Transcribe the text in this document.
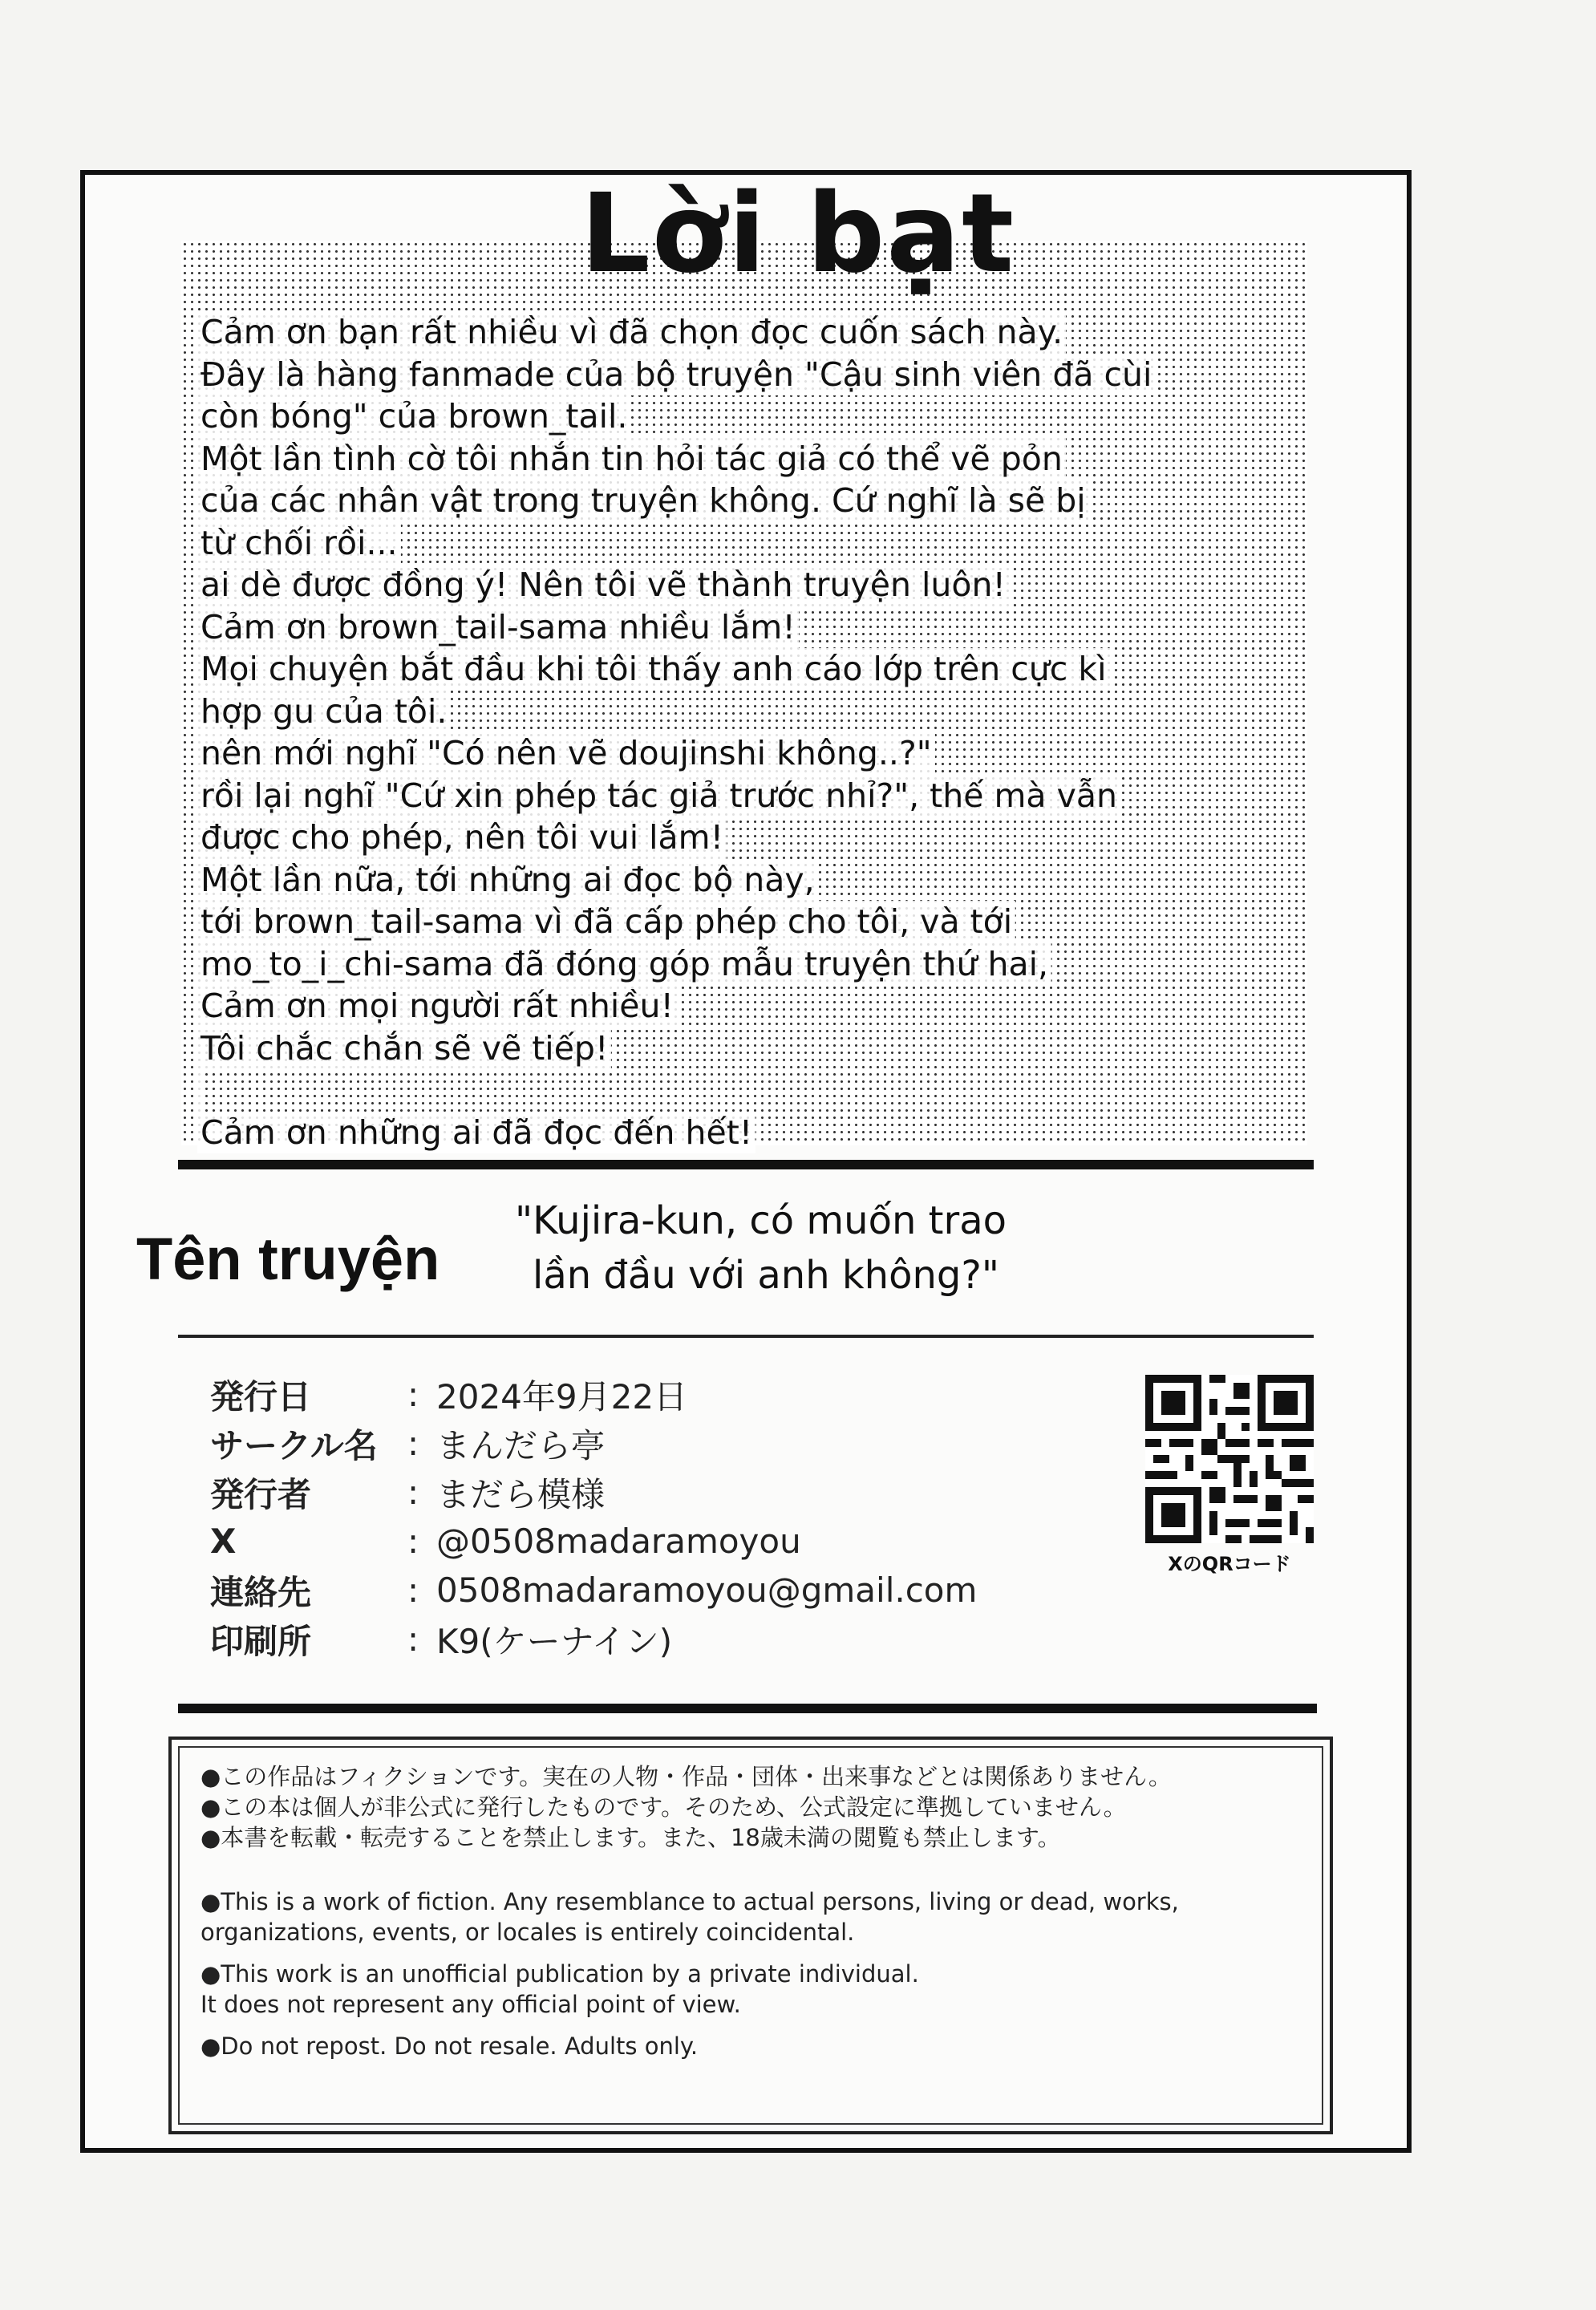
Lời bạt
Cảm ơn bạn rất nhiều vì đã chọn đọc cuốn sách này.
Đây là hàng fanmade của bộ truyện "Cậu sinh viên đã cùi
còn bóng" của brown_tail.
Một lần tình cờ tôi nhắn tin hỏi tác giả có thể vẽ pỏn
của các nhân vật trong truyện không. Cứ nghĩ là sẽ bị
từ chối rồi...
ai dè được đồng ý! Nên tôi vẽ thành truyện luôn!
Cảm ơn brown_tail-sama nhiều lắm!
Mọi chuyện bắt đầu khi tôi thấy anh cáo lớp trên cực kì
hợp gu của tôi.
nên mới nghĩ "Có nên vẽ doujinshi không..?"
rồi lại nghĩ "Cứ xin phép tác giả trước nhỉ?", thế mà vẫn
được cho phép, nên tôi vui lắm!
Một lần nữa, tới những ai đọc bộ này,
tới brown_tail-sama vì đã cấp phép cho tôi, và tới
mo_to_i_chi-sama đã đóng góp mẫu truyện thứ hai,
Cảm ơn mọi người rất nhiều!
Tôi chắc chắn sẽ vẽ tiếp!
Cảm ơn những ai đã đọc đến hết!
Tên truyện
"Kujira-kun, có muốn trao
lần đầu với anh không?"
発行日	: 2024年9月22日
サークル名 : まんだら亭
発行者	: まだら模様
X	: @0508madaramoyou
連絡先	: 0508madaramoyou@gmail.com
印刷所	: K9(ケーナイン)
XのQRコード
●この作品はフィクションです。実在の人物・作品・団体・出来事などとは関係ありません。
●この本は個人が非公式に発行したものです。そのため、公式設定に準拠していません。
●本書を転載・転売することを禁止します。また、18歳未満の閲覧も禁止します。
●This is a work of fiction. Any resemblance to actual persons, living or dead, works,
organizations, events, or locales is entirely coincidental.
●This work is an unofficial publication by a private individual.
It does not represent any official point of view.
●Do not repost. Do not resale. Adults only.
